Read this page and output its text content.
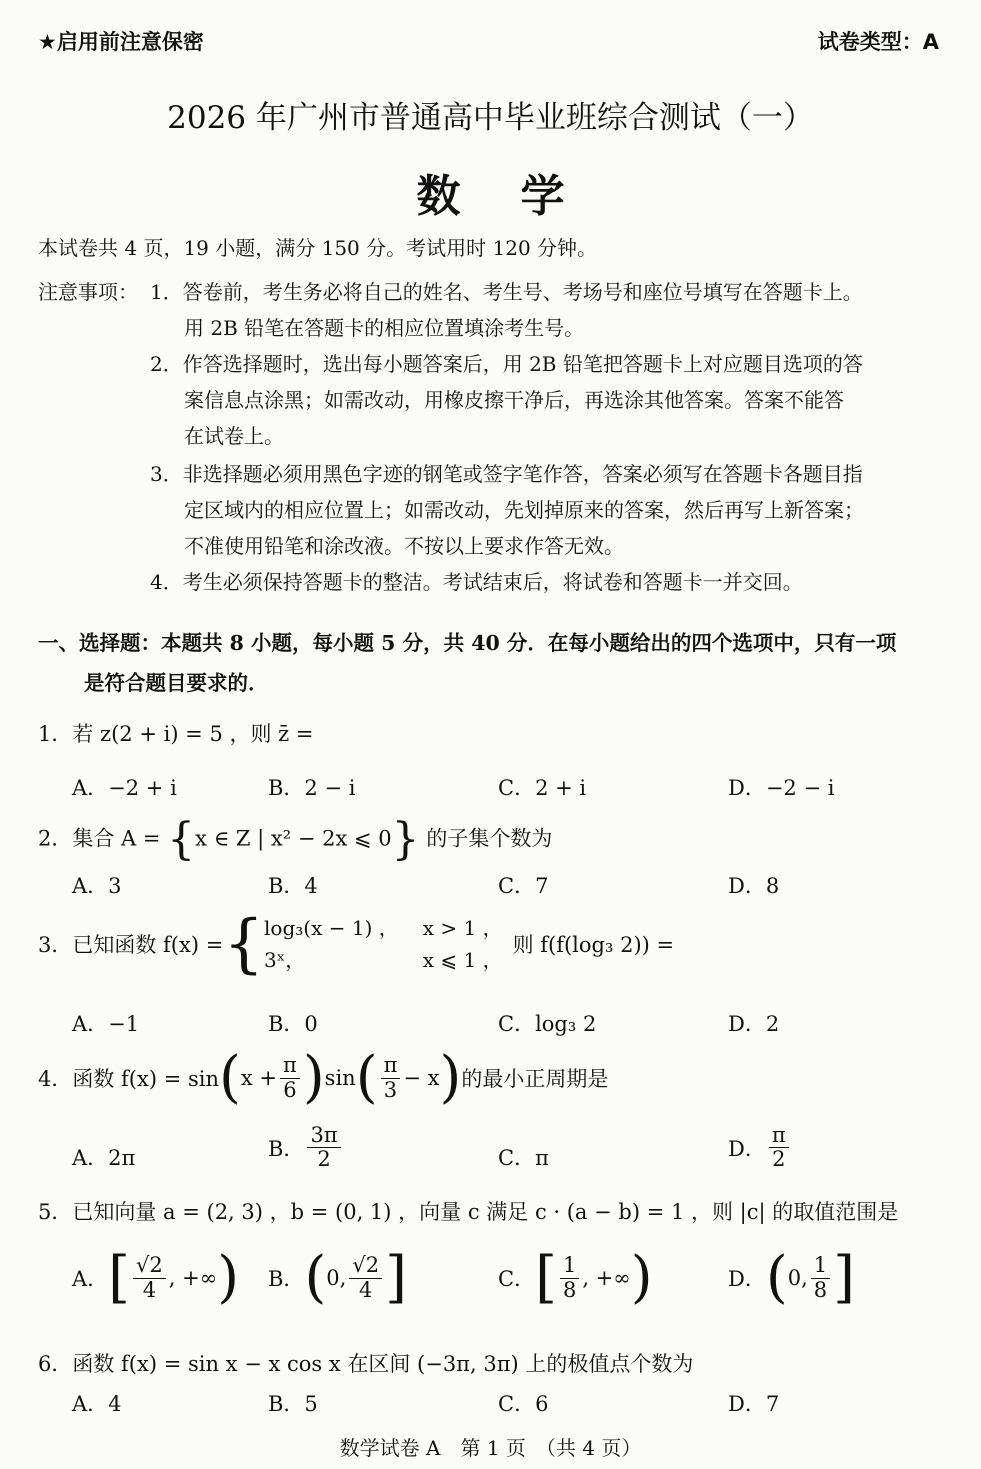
★启用前注意保密	试卷类型：A
2026 年广州市普通高中毕业班综合测试（一）
数学
本试卷共 4 页，19 小题，满分 150 分。考试用时 120 分钟。
注意事项： 1．答卷前，考生务必将自己的姓名、考生号、考场号和座位号填写在答题卡上。
用 2B 铅笔在答题卡的相应位置填涂考生号。
2．作答选择题时，选出每小题答案后，用 2B 铅笔把答题卡上对应题目选项的答
案信息点涂黑；如需改动，用橡皮擦干净后，再选涂其他答案。答案不能答
在试卷上。
3．非选择题必须用黑色字迹的钢笔或签字笔作答，答案必须写在答题卡各题目指
定区域内的相应位置上；如需改动，先划掉原来的答案，然后再写上新答案；
不准使用铅笔和涂改液。不按以上要求作答无效。
4．考生必须保持答题卡的整洁。考试结束后，将试卷和答题卡一并交回。
一、选择题：本题共 8 小题，每小题 5 分，共 40 分．在每小题给出的四个选项中，只有一项
是符合题目要求的．
1．若 z(2 + i) = 5 ，则 z̄ =
A．−2 + i	B．2 − i	C．2 + i	D．−2 − i
2．集合 A = {x ∈ Z | x² − 2x ⩽ 0} 的子集个数为
A．3	B．4	C．7	D．8
3．已知函数 f(x) = { log₃(x − 1) ，
3ˣ，
x > 1 ，
x ⩽ 1 ，
则 f(f(log₃ 2)) =
A．−1	B．0	C．log₃ 2	D．2
4．函数 f(x) = sin ( $x + \frac{\pi}{6}$ ) sin ( $\frac{\pi}{3} - x$ ) 的最小正周期是
A．2π	B． $\frac{3\pi}{2}$	C．π	D． $\frac{\pi}{2}$
5．已知向量 a = (2, 3) ，b = (0, 1) ，向量 c 满足 c · (a − b) = 1 ，则 |c| 的取值范围是
A． [ $\frac{√2}{4}$ , +∞ ) B． ( 0, $\frac{√2}{4}$ ]	C． [ $\frac{1}{8}$ , +∞ )	D． ( 0, $\frac{1}{8}$ ]
6．函数 f(x) = sin x − x cos x 在区间 (−3π, 3π) 上的极值点个数为
A．4	B．5	C．6	D．7
数学试卷 A　第 1 页　（共 4 页）
